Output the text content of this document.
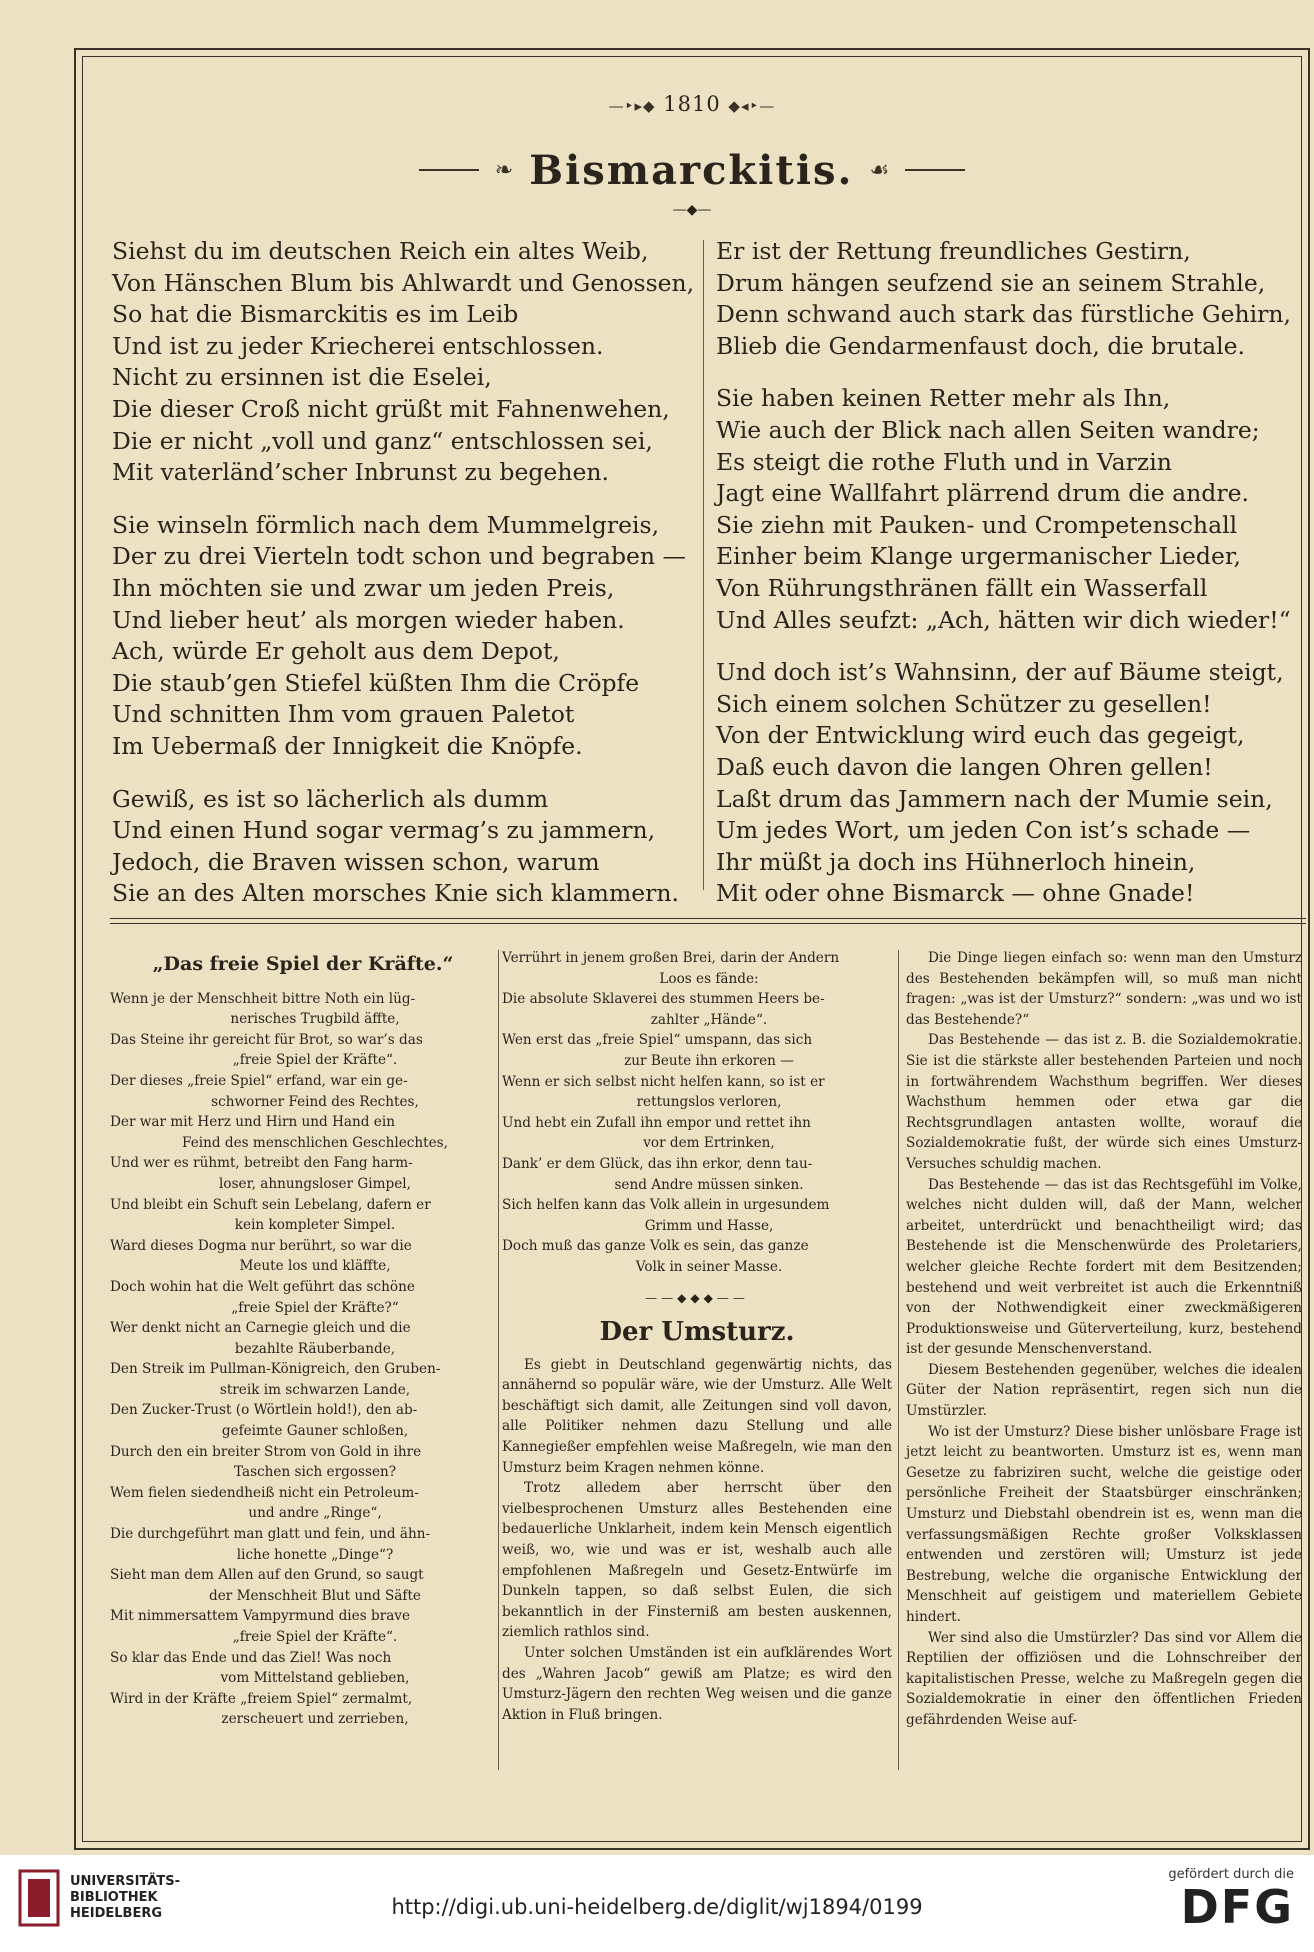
—‣▸◆ 1810 ◆◂‣—
❧ Bismarckitis. ☙
—◆—
Siehst du im deutschen Reich ein altes Weib,
Von Hänschen Blum bis Ahlwardt und Genossen,
So hat die Bismarckitis es im Leib
Und ist zu jeder Kriecherei entschlossen.
Nicht zu ersinnen ist die Eselei,
Die dieser Croß nicht grüßt mit Fahnenwehen,
Die er nicht „voll und ganz“ entschlossen sei,
Mit vaterländ’scher Inbrunst zu begehen.
Sie winseln förmlich nach dem Mummelgreis,
Der zu drei Vierteln todt schon und begraben —
Ihn möchten sie und zwar um jeden Preis,
Und lieber heut’ als morgen wieder haben.
Ach, würde Er geholt aus dem Depot,
Die staub’gen Stiefel küßten Ihm die Cröpfe
Und schnitten Ihm vom grauen Paletot
Im Uebermaß der Innigkeit die Knöpfe.
Gewiß, es ist so lächerlich als dumm
Und einen Hund sogar vermag’s zu jammern,
Jedoch, die Braven wissen schon, warum
Sie an des Alten morsches Knie sich klammern.
Er ist der Rettung freundliches Gestirn,
Drum hängen seufzend sie an seinem Strahle,
Denn schwand auch stark das fürstliche Gehirn,
Blieb die Gendarmenfaust doch, die brutale.
Sie haben keinen Retter mehr als Ihn,
Wie auch der Blick nach allen Seiten wandre;
Es steigt die rothe Fluth und in Varzin
Jagt eine Wallfahrt plärrend drum die andre.
Sie ziehn mit Pauken- und Crompetenschall
Einher beim Klange urgermanischer Lieder,
Von Rührungsthränen fällt ein Wasserfall
Und Alles seufzt: „Ach, hätten wir dich wieder!“
Und doch ist’s Wahnsinn, der auf Bäume steigt,
Sich einem solchen Schützer zu gesellen!
Von der Entwicklung wird euch das gegeigt,
Daß euch davon die langen Ohren gellen!
Laßt drum das Jammern nach der Mumie sein,
Um jedes Wort, um jeden Con ist’s schade —
Ihr müßt ja doch ins Hühnerloch hinein,
Mit oder ohne Bismarck — ohne Gnade!
„Das freie Spiel der Kräfte.“
Wenn je der Menschheit bittre Noth ein lüg-
nerisches Trugbild äffte,
Das Steine ihr gereicht für Brot, so war’s das
„freie Spiel der Kräfte“.
Der dieses „freie Spiel“ erfand, war ein ge-
schworner Feind des Rechtes,
Der war mit Herz und Hirn und Hand ein
Feind des menschlichen Geschlechtes,
Und wer es rühmt, betreibt den Fang harm-
loser, ahnungsloser Gimpel,
Und bleibt ein Schuft sein Lebelang, dafern er
kein kompleter Simpel.
Ward dieses Dogma nur berührt, so war die
Meute los und kläffte,
Doch wohin hat die Welt geführt das schöne
„freie Spiel der Kräfte?“
Wer denkt nicht an Carnegie gleich und die
bezahlte Räuberbande,
Den Streik im Pullman-Königreich, den Gruben-
streik im schwarzen Lande,
Den Zucker-Trust (o Wörtlein hold!), den ab-
gefeimte Gauner schloßen,
Durch den ein breiter Strom von Gold in ihre
Taschen sich ergossen?
Wem fielen siedendheiß nicht ein Petroleum-
und andre „Ringe“,
Die durchgeführt man glatt und fein, und ähn-
liche honette „Dinge“?
Sieht man dem Allen auf den Grund, so saugt
der Menschheit Blut und Säfte
Mit nimmersattem Vampyrmund dies brave
„freie Spiel der Kräfte“.
So klar das Ende und das Ziel! Was noch
vom Mittelstand geblieben,
Wird in der Kräfte „freiem Spiel“ zermalmt,
zerscheuert und zerrieben,
Verrührt in jenem großen Brei, darin der Andern
Loos es fände:
Die absolute Sklaverei des stummen Heers be-
zahlter „Hände“.
Wen erst das „freie Spiel“ umspann, das sich
zur Beute ihn erkoren —
Wenn er sich selbst nicht helfen kann, so ist er
rettungslos verloren,
Und hebt ein Zufall ihn empor und rettet ihn
vor dem Ertrinken,
Dank’ er dem Glück, das ihn erkor, denn tau-
send Andre müssen sinken.
Sich helfen kann das Volk allein in urgesundem
Grimm und Hasse,
Doch muß das ganze Volk es sein, das ganze
Volk in seiner Masse.
——◆◆◆——
Der Umsturz.

Es giebt in Deutschland gegenwärtig nichts, das annähernd so populär wäre, wie der Umsturz. Alle Welt beschäftigt sich damit, alle Zeitungen sind voll davon, alle Politiker nehmen dazu Stellung und alle Kannegießer empfehlen weise Maßregeln, wie man den Umsturz beim Kragen nehmen könne.

Trotz alledem aber herrscht über den vielbesprochenen Umsturz alles Bestehenden eine bedauerliche Unklarheit, indem kein Mensch eigentlich weiß, wo, wie und was er ist, weshalb auch alle empfohlenen Maßregeln und Gesetz-Entwürfe im Dunkeln tappen, so daß selbst Eulen, die sich bekanntlich in der Finsterniß am besten auskennen, ziemlich rathlos sind.

Unter solchen Umständen ist ein aufklärendes Wort des „Wahren Jacob“ gewiß am Platze; es wird den Umsturz-Jägern den rechten Weg weisen und die ganze Aktion in Fluß bringen.

Die Dinge liegen einfach so: wenn man den Umsturz des Bestehenden bekämpfen will, so muß man nicht fragen: „was ist der Umsturz?“ sondern: „was und wo ist das Bestehende?“

Das Bestehende — das ist z. B. die Sozialdemokratie. Sie ist die stärkste aller bestehenden Parteien und noch in fortwährendem Wachsthum begriffen. Wer dieses Wachsthum hemmen oder etwa gar die Rechtsgrundlagen antasten wollte, worauf die Sozialdemokratie fußt, der würde sich eines Umsturz-Versuches schuldig machen.

Das Bestehende — das ist das Rechtsgefühl im Volke, welches nicht dulden will, daß der Mann, welcher arbeitet, unterdrückt und benachtheiligt wird; das Bestehende ist die Menschenwürde des Proletariers, welcher gleiche Rechte fordert mit dem Besitzenden; bestehend und weit verbreitet ist auch die Erkenntniß von der Nothwendigkeit einer zweckmäßigeren Produktionsweise und Güterverteilung, kurz, bestehend ist der gesunde Menschenverstand.

Diesem Bestehenden gegenüber, welches die idealen Güter der Nation repräsentirt, regen sich nun die Umstürzler.

Wo ist der Umsturz? Diese bisher unlösbare Frage ist jetzt leicht zu beantworten. Umsturz ist es, wenn man Gesetze zu fabriziren sucht, welche die geistige oder persönliche Freiheit der Staatsbürger einschränken; Umsturz und Diebstahl obendrein ist es, wenn man die verfassungsmäßigen Rechte großer Volksklassen entwenden und zerstören will; Umsturz ist jede Bestrebung, welche die organische Entwicklung der Menschheit auf geistigem und materiellem Gebiete hindert.

Wer sind also die Umstürzler? Das sind vor Allem die Reptilien der offiziösen und die Lohnschreiber der kapitalistischen Presse, welche zu Maßregeln gegen die Sozialdemokratie in einer den öffentlichen Frieden gefährdenden Weise auf-

UNIVERSITÄTS-
BIBLIOTHEK
HEIDELBERG	http://digi.ub.uni-heidelberg.de/diglit/wj1894/0199
gefördert durch die
DFG
